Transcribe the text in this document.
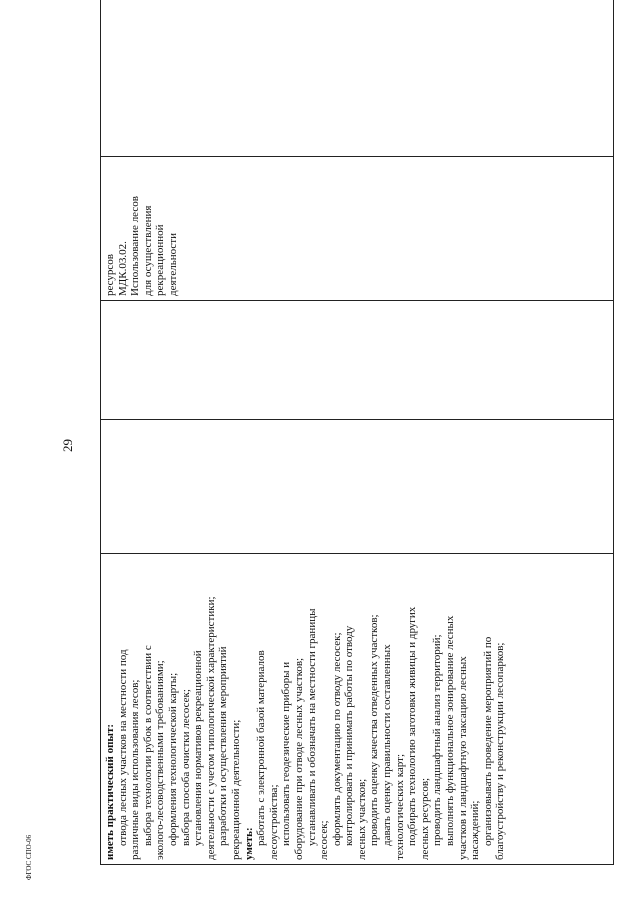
29
ФГОС СПО-06	иметь практический опыт: отвода лесных участков на местности под различные виды использования лесов; выбора технологии рубок в соответствии с эколого-лесоводственными требованиями; оформления технологической карты; выбора способа очистки лесосек; установления нормативов рекреационной деятельности с учетом типологической характеристики; разработки и осуществления мероприятий рекреационной деятельности; уметь: работать с электронной базой материалов лесоустройства; использовать геодезические приборы и оборудование при отводе лесных участков; устанавливать и обозначать на местности границы лесосек; оформлять документацию по отводу лесосек; контролировать и принимать работы по отводу лесных участков; проводить оценку качества отведенных участков; давать оценку правильности составленных технологических карт; подбирать технологию заготовки живицы и других лесных ресурсов; проводить ландшафтный анализ территорий; выполнять функциональное зонирование лесных участков и ландшафтную таксацию лесных насаждений; организовывать проведение мероприятий по благоустройству и реконструкции лесопарков;

ресурсов МДК.03.02. Использование лесов для осуществления рекреационной деятельности
